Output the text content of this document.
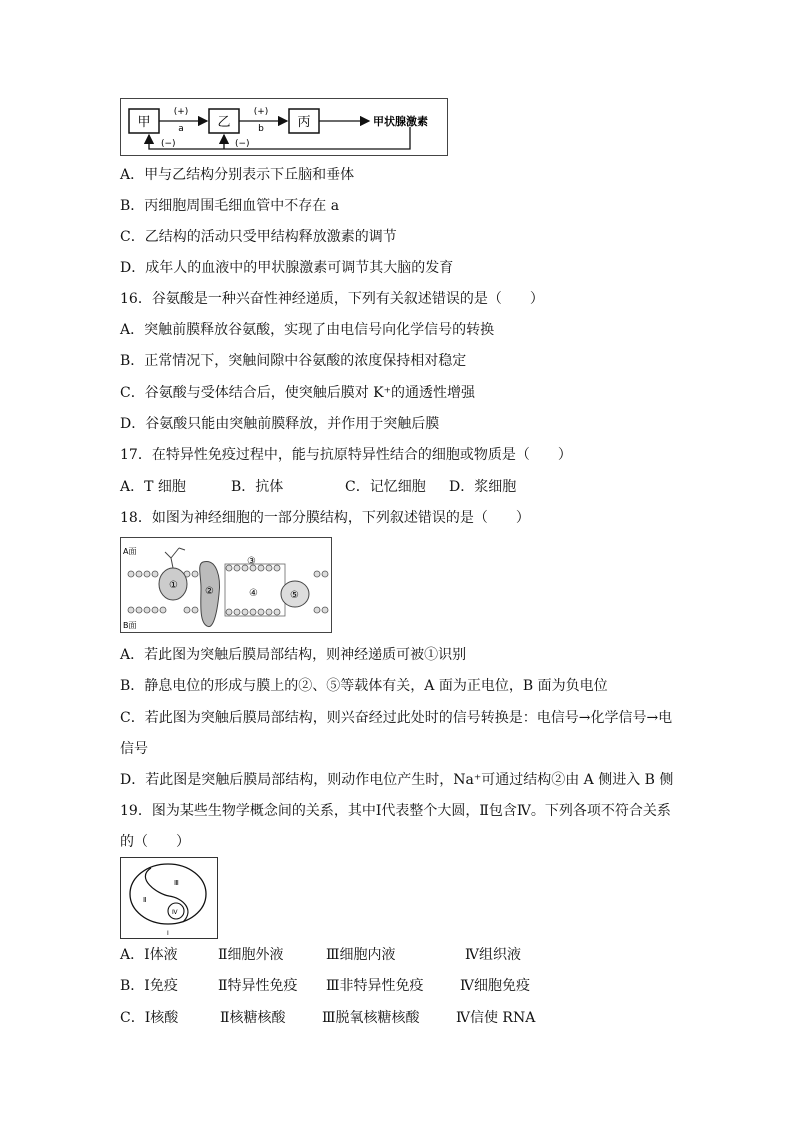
甲	乙	丙
(+)
a
(+)
b
甲状腺激素
(−)	(−)
A．甲与乙结构分别表示下丘脑和垂体
B．丙细胞周围毛细血管中不存在 a
C．乙结构的活动只受甲结构释放激素的调节
D．成年人的血液中的甲状腺激素可调节其大脑的发育
16．谷氨酸是一种兴奋性神经递质，下列有关叙述错误的是（　　）
A．突触前膜释放谷氨酸，实现了由电信号向化学信号的转换
B．正常情况下，突触间隙中谷氨酸的浓度保持相对稳定
C．谷氨酸与受体结合后，使突触后膜对 K⁺的通透性增强
D．谷氨酸只能由突触前膜释放，并作用于突触后膜
17．在特异性免疫过程中，能与抗原特异性结合的细胞或物质是（　　）
A．T 细胞	B．抗体	C．记忆细胞 D．浆细胞
18．如图为神经细胞的一部分膜结构，下列叙述错误的是（　　）
A面
B面
①
②
③
④	⑤
A．若此图为突触后膜局部结构，则神经递质可被①识别
B．静息电位的形成与膜上的②、⑤等载体有关，A 面为正电位，B 面为负电位
C．若此图为突触后膜局部结构，则兴奋经过此处时的信号转换是：电信号→化学信号→电
信号
D．若此图是突触后膜局部结构，则动作电位产生时，Na⁺可通过结构②由 A 侧进入 B 侧
19．图为某些生物学概念间的关系，其中Ⅰ代表整个大圆，Ⅱ包含Ⅳ。下列各项不符合关系
的（　　）
Ⅲ
Ⅱ
Ⅳ
Ⅰ
A．Ⅰ体液	Ⅱ细胞外液	Ⅲ细胞内液	Ⅳ组织液
B．Ⅰ免疫	Ⅱ特异性免疫 Ⅲ非特异性免疫	Ⅳ细胞免疫
C．Ⅰ核酸	Ⅱ核糖核酸	Ⅲ脱氧核糖核酸	Ⅳ信使 RNA
